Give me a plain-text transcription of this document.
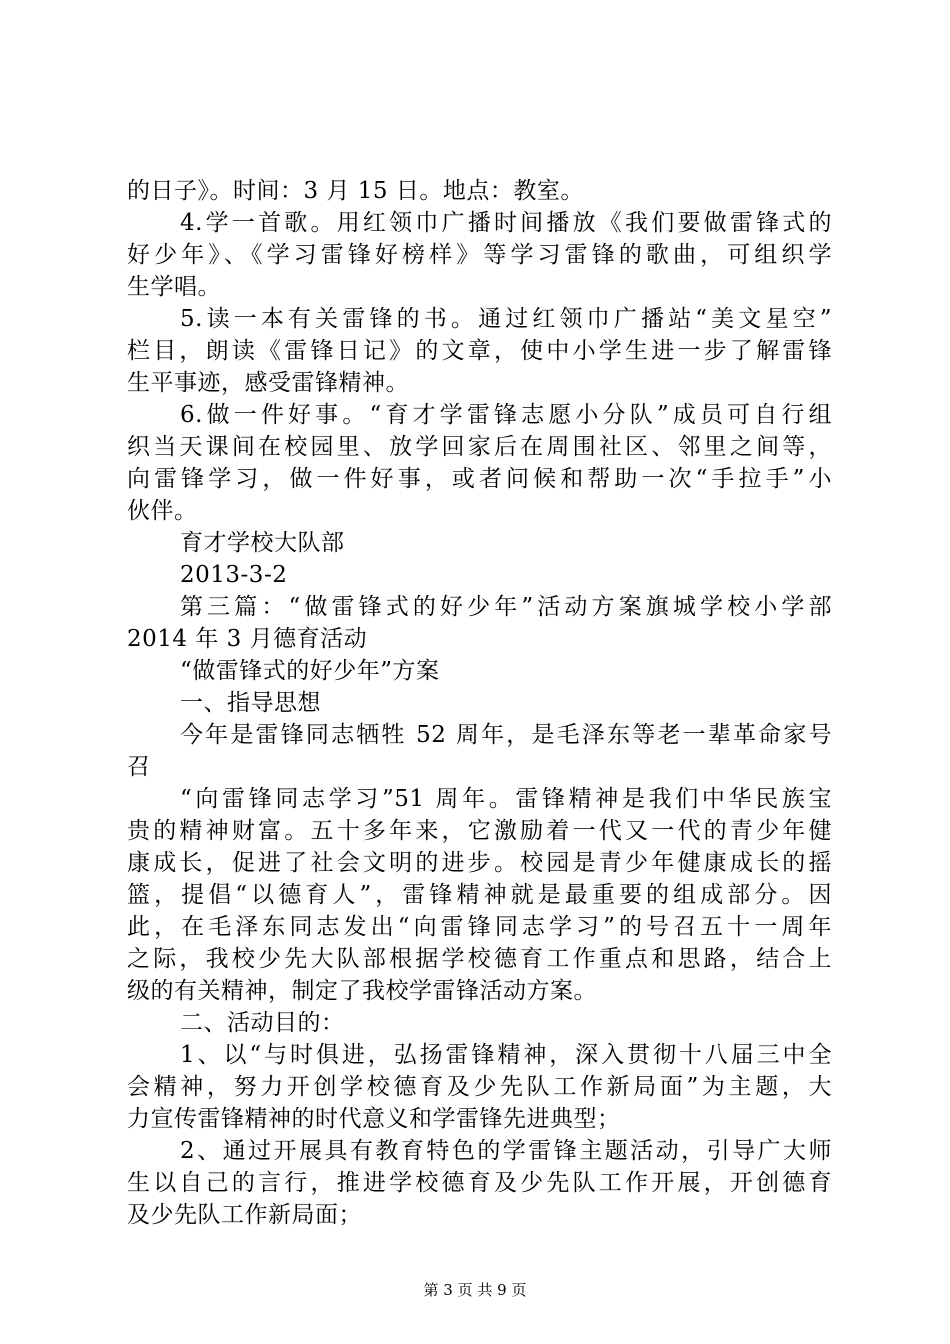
的日子》。时间：3 月 15 日。地点：教室。
4.学一首歌。用红领巾广播时间播放《我们要做雷锋式的
好少年》、《学习雷锋好榜样》等学习雷锋的歌曲，可组织学
生学唱。
5.读一本有关雷锋的书。通过红领巾广播站“美文星空”
栏目，朗读《雷锋日记》的文章，使中小学生进一步了解雷锋
生平事迹，感受雷锋精神。
6.做一件好事。“育才学雷锋志愿小分队”成员可自行组
织当天课间在校园里、放学回家后在周围社区、邻里之间等，
向雷锋学习，做一件好事，或者问候和帮助一次“手拉手”小
伙伴。
育才学校大队部
2013-3-2
第三篇：“做雷锋式的好少年”活动方案旗城学校小学部
2014 年 3 月德育活动
“做雷锋式的好少年”方案
一、指导思想
今年是雷锋同志牺牲 52 周年，是毛泽东等老一辈革命家号
召
“向雷锋同志学习”51 周年。雷锋精神是我们中华民族宝
贵的精神财富。五十多年来，它激励着一代又一代的青少年健
康成长，促进了社会文明的进步。校园是青少年健康成长的摇
篮，提倡“以德育人”，雷锋精神就是最重要的组成部分。因
此，在毛泽东同志发出“向雷锋同志学习”的号召五十一周年
之际，我校少先大队部根据学校德育工作重点和思路，结合上
级的有关精神，制定了我校学雷锋活动方案。
二、活动目的：
1、以“与时俱进，弘扬雷锋精神，深入贯彻十八届三中全
会精神，努力开创学校德育及少先队工作新局面”为主题，大
力宣传雷锋精神的时代意义和学雷锋先进典型；
2、通过开展具有教育特色的学雷锋主题活动，引导广大师
生以自己的言行，推进学校德育及少先队工作开展，开创德育
及少先队工作新局面；
第 3 页 共 9 页
